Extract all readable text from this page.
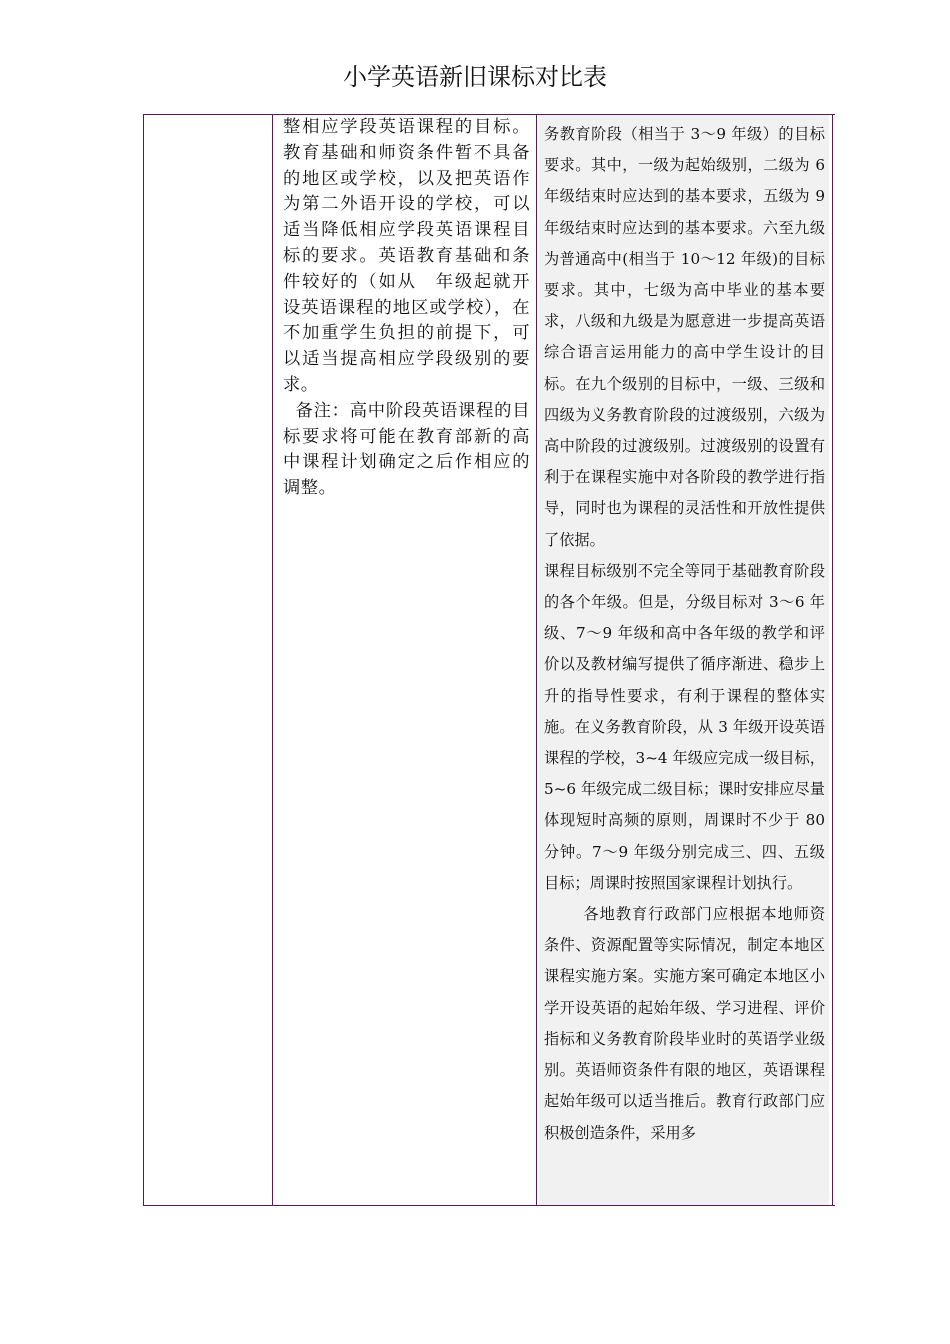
小学英语新旧课标对比表

整相应学段英语课程的目标。教育基础和师资条件暂不具备的地区或学校，以及把英语作为第二外语开设的学校，可以适当降低相应学段英语课程目标的要求。英语教育基础和条件较好的（如从　年级起就开设英语课程的地区或学校），在不加重学生负担的前提下，可以适当提高相应学段级别的要求。
备注：高中阶段英语课程的目标要求将可能在教育部新的高中课程计划确定之后作相应的调整。

务教育阶段（相当于 3～9 年级）的目标要求。其中，一级为起始级别，二级为 6 年级结束时应达到的基本要求，五级为 9 年级结束时应达到的基本要求。六至九级为普通高中(相当于 10～12 年级)的目标要求。其中，七级为高中毕业的基本要求，八级和九级是为愿意进一步提高英语综合语言运用能力的高中学生设计的目标。在九个级别的目标中，一级、三级和四级为义务教育阶段的过渡级别，六级为高中阶段的过渡级别。过渡级别的设置有利于在课程实施中对各阶段的教学进行指导，同时也为课程的灵活性和开放性提供了依据。
课程目标级别不完全等同于基础教育阶段的各个年级。但是，分级目标对 3～6 年级、7～9 年级和高中各年级的教学和评价以及教材编写提供了循序渐进、稳步上升的指导性要求，有利于课程的整体实施。在义务教育阶段，从 3 年级开设英语课程的学校，3~4 年级应完成一级目标，5~6 年级完成二级目标；课时安排应尽量体现短时高频的原则，周课时不少于 80 分钟。7～9 年级分别完成三、四、五级目标；周课时按照国家课程计划执行。
各地教育行政部门应根据本地师资条件、资源配置等实际情况，制定本地区课程实施方案。实施方案可确定本地区小学开设英语的起始年级、学习进程、评价指标和义务教育阶段毕业时的英语学业级别。英语师资条件有限的地区，英语课程起始年级可以适当推后。教育行政部门应积极创造条件，采用多
